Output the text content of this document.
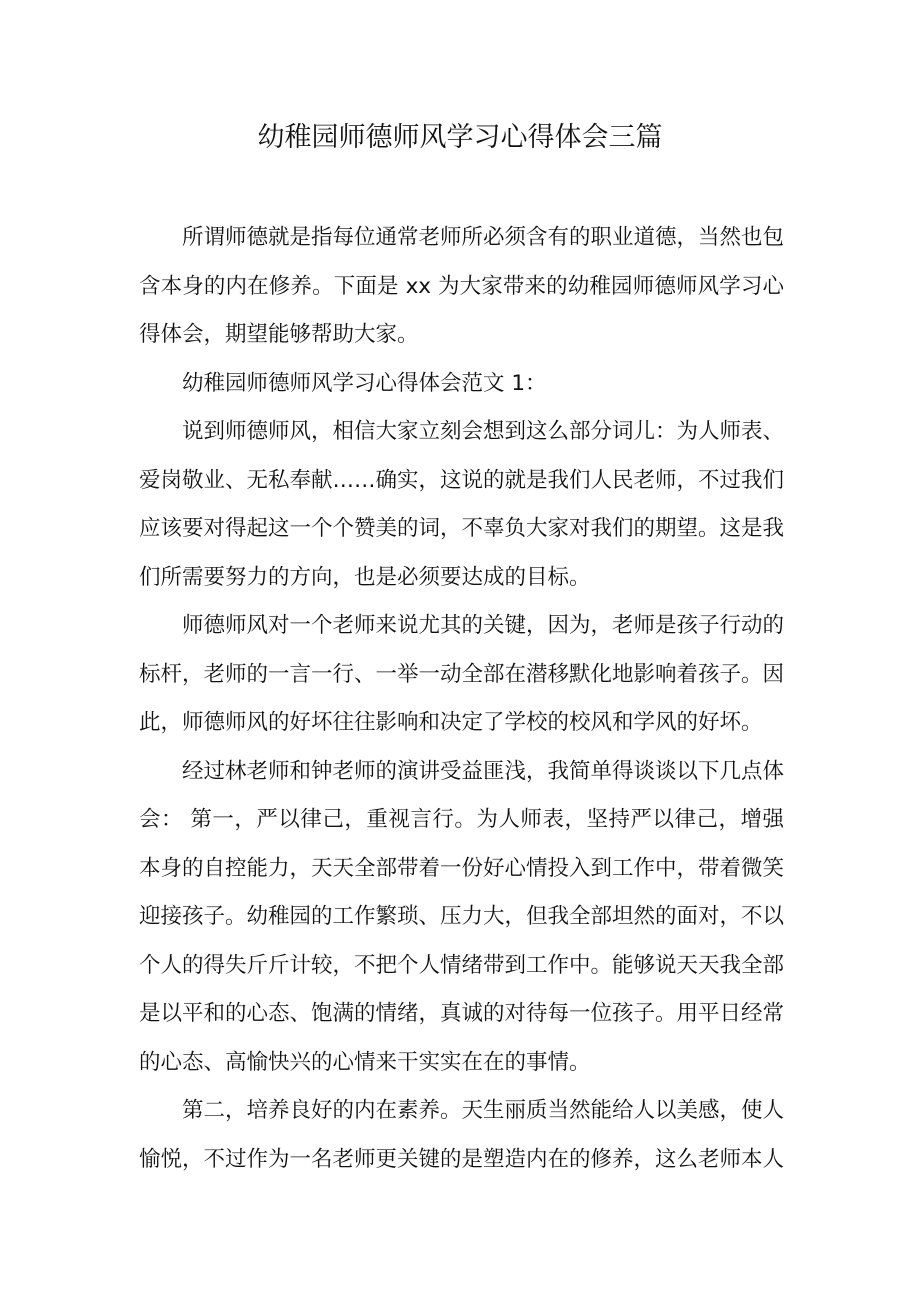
幼稚园师德师风学习心得体会三篇

所谓师德就是指每位通常老师所必须含有的职业道德，当然也包含本身的内在修养。下面是 xx 为大家带来的幼稚园师德师风学习心得体会，期望能够帮助大家。

幼稚园师德师风学习心得体会范文 1：

说到师德师风，相信大家立刻会想到这么部分词儿：为人师表、爱岗敬业、无私奉献……确实，这说的就是我们人民老师，不过我们应该要对得起这一个个赞美的词，不辜负大家对我们的期望。这是我们所需要努力的方向，也是必须要达成的目标。

师德师风对一个老师来说尤其的关键，因为，老师是孩子行动的标杆，老师的一言一行、一举一动全部在潜移默化地影响着孩子。因此，师德师风的好坏往往影响和决定了学校的校风和学风的好坏。

经过林老师和钟老师的演讲受益匪浅，我简单得谈谈以下几点体会： 第一，严以律己，重视言行。为人师表，坚持严以律己，增强本身的自控能力，天天全部带着一份好心情投入到工作中，带着微笑迎接孩子。幼稚园的工作繁琐、压力大，但我全部坦然的面对，不以个人的得失斤斤计较，不把个人情绪带到工作中。能够说天天我全部是以平和的心态、饱满的情绪，真诚的对待每一位孩子。用平日经常的心态、高愉快兴的心情来干实实在在的事情。

第二，培养良好的内在素养。天生丽质当然能给人以美感，使人愉悦，不过作为一名老师更关键的是塑造内在的修养，这么老师本人
